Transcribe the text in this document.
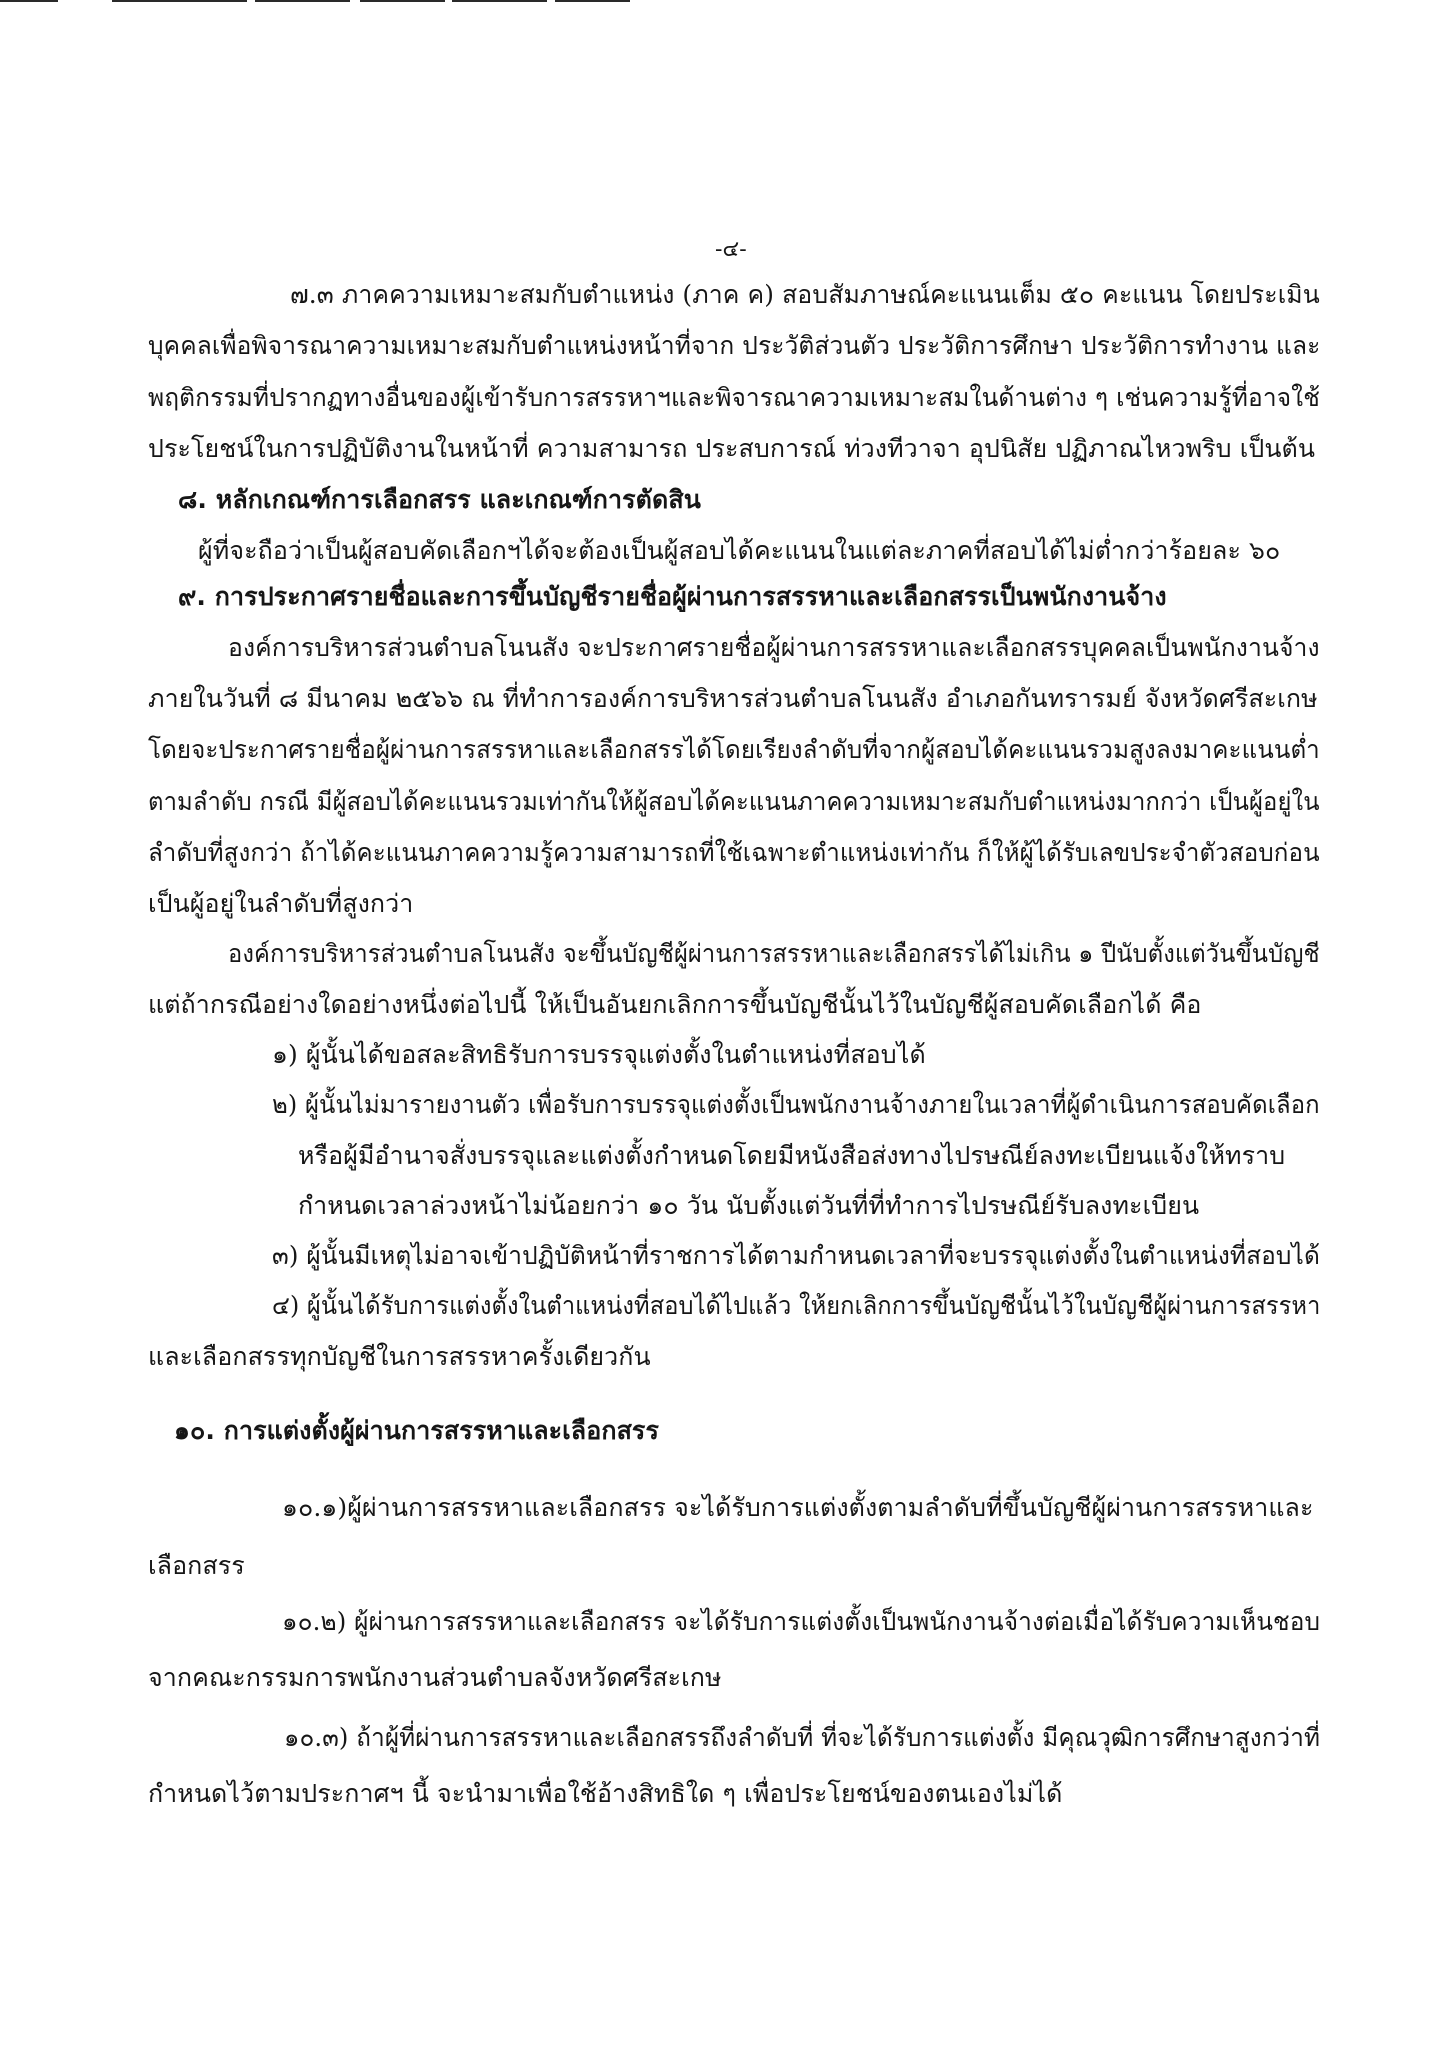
-๔-

๗.๓ ภาคความเหมาะสมกับตำแหน่ง (ภาค ค) สอบสัมภาษณ์คะแนนเต็ม ๕๐ คะแนน โดยประเมิน

บุคคลเพื่อพิจารณาความเหมาะสมกับตำแหน่งหน้าที่จาก ประวัติส่วนตัว ประวัติการศึกษา ประวัติการทำงาน และ

พฤติกรรมที่ปรากฏทางอื่นของผู้เข้ารับการสรรหาฯและพิจารณาความเหมาะสมในด้านต่าง ๆ เช่นความรู้ที่อาจใช้

ประโยชน์ในการปฏิบัติงานในหน้าที่ ความสามารถ ประสบการณ์ ท่วงทีวาจา อุปนิสัย ปฏิภาณไหวพริบ เป็นต้น

๘. หลักเกณฑ์การเลือกสรร และเกณฑ์การตัดสิน

ผู้ที่จะถือว่าเป็นผู้สอบคัดเลือกฯได้จะต้องเป็นผู้สอบได้คะแนนในแต่ละภาคที่สอบได้ไม่ต่ำกว่าร้อยละ ๖๐

๙. การประกาศรายชื่อและการขึ้นบัญชีรายชื่อผู้ผ่านการสรรหาและเลือกสรรเป็นพนักงานจ้าง

องค์การบริหารส่วนตำบลโนนสัง จะประกาศรายชื่อผู้ผ่านการสรรหาและเลือกสรรบุคคลเป็นพนักงานจ้าง

ภายในวันที่ ๘ มีนาคม ๒๕๖๖ ณ ที่ทำการองค์การบริหารส่วนตำบลโนนสัง อำเภอกันทรารมย์ จังหวัดศรีสะเกษ

โดยจะประกาศรายชื่อผู้ผ่านการสรรหาและเลือกสรรได้โดยเรียงลำดับที่จากผู้สอบได้คะแนนรวมสูงลงมาคะแนนต่ำ

ตามลำดับ กรณี มีผู้สอบได้คะแนนรวมเท่ากันให้ผู้สอบได้คะแนนภาคความเหมาะสมกับตำแหน่งมากกว่า เป็นผู้อยู่ใน

ลำดับที่สูงกว่า ถ้าได้คะแนนภาคความรู้ความสามารถที่ใช้เฉพาะตำแหน่งเท่ากัน ก็ให้ผู้ได้รับเลขประจำตัวสอบก่อน

เป็นผู้อยู่ในลำดับที่สูงกว่า

องค์การบริหารส่วนตำบลโนนสัง จะขึ้นบัญชีผู้ผ่านการสรรหาและเลือกสรรได้ไม่เกิน ๑ ปีนับตั้งแต่วันขึ้นบัญชี

แต่ถ้ากรณีอย่างใดอย่างหนึ่งต่อไปนี้ ให้เป็นอันยกเลิกการขึ้นบัญชีนั้นไว้ในบัญชีผู้สอบคัดเลือกได้ คือ

๑) ผู้นั้นได้ขอสละสิทธิรับการบรรจุแต่งตั้งในตำแหน่งที่สอบได้

๒) ผู้นั้นไม่มารายงานตัว เพื่อรับการบรรจุแต่งตั้งเป็นพนักงานจ้างภายในเวลาที่ผู้ดำเนินการสอบคัดเลือก

หรือผู้มีอำนาจสั่งบรรจุและแต่งตั้งกำหนดโดยมีหนังสือส่งทางไปรษณีย์ลงทะเบียนแจ้งให้ทราบ

กำหนดเวลาล่วงหน้าไม่น้อยกว่า ๑๐ วัน นับตั้งแต่วันที่ที่ทำการไปรษณีย์รับลงทะเบียน

๓) ผู้นั้นมีเหตุไม่อาจเข้าปฏิบัติหน้าที่ราชการได้ตามกำหนดเวลาที่จะบรรจุแต่งตั้งในตำแหน่งที่สอบได้

๔) ผู้นั้นได้รับการแต่งตั้งในตำแหน่งที่สอบได้ไปแล้ว ให้ยกเลิกการขึ้นบัญชีนั้นไว้ในบัญชีผู้ผ่านการสรรหา

และเลือกสรรทุกบัญชีในการสรรหาครั้งเดียวกัน

๑๐. การแต่งตั้งผู้ผ่านการสรรหาและเลือกสรร

๑๐.๑)ผู้ผ่านการสรรหาและเลือกสรร จะได้รับการแต่งตั้งตามลำดับที่ขึ้นบัญชีผู้ผ่านการสรรหาและ

เลือกสรร

๑๐.๒) ผู้ผ่านการสรรหาและเลือกสรร จะได้รับการแต่งตั้งเป็นพนักงานจ้างต่อเมื่อได้รับความเห็นชอบ

จากคณะกรรมการพนักงานส่วนตำบลจังหวัดศรีสะเกษ

๑๐.๓) ถ้าผู้ที่ผ่านการสรรหาและเลือกสรรถึงลำดับที่ ที่จะได้รับการแต่งตั้ง มีคุณวุฒิการศึกษาสูงกว่าที่

กำหนดไว้ตามประกาศฯ นี้ จะนำมาเพื่อใช้อ้างสิทธิใด ๆ เพื่อประโยชน์ของตนเองไม่ได้
